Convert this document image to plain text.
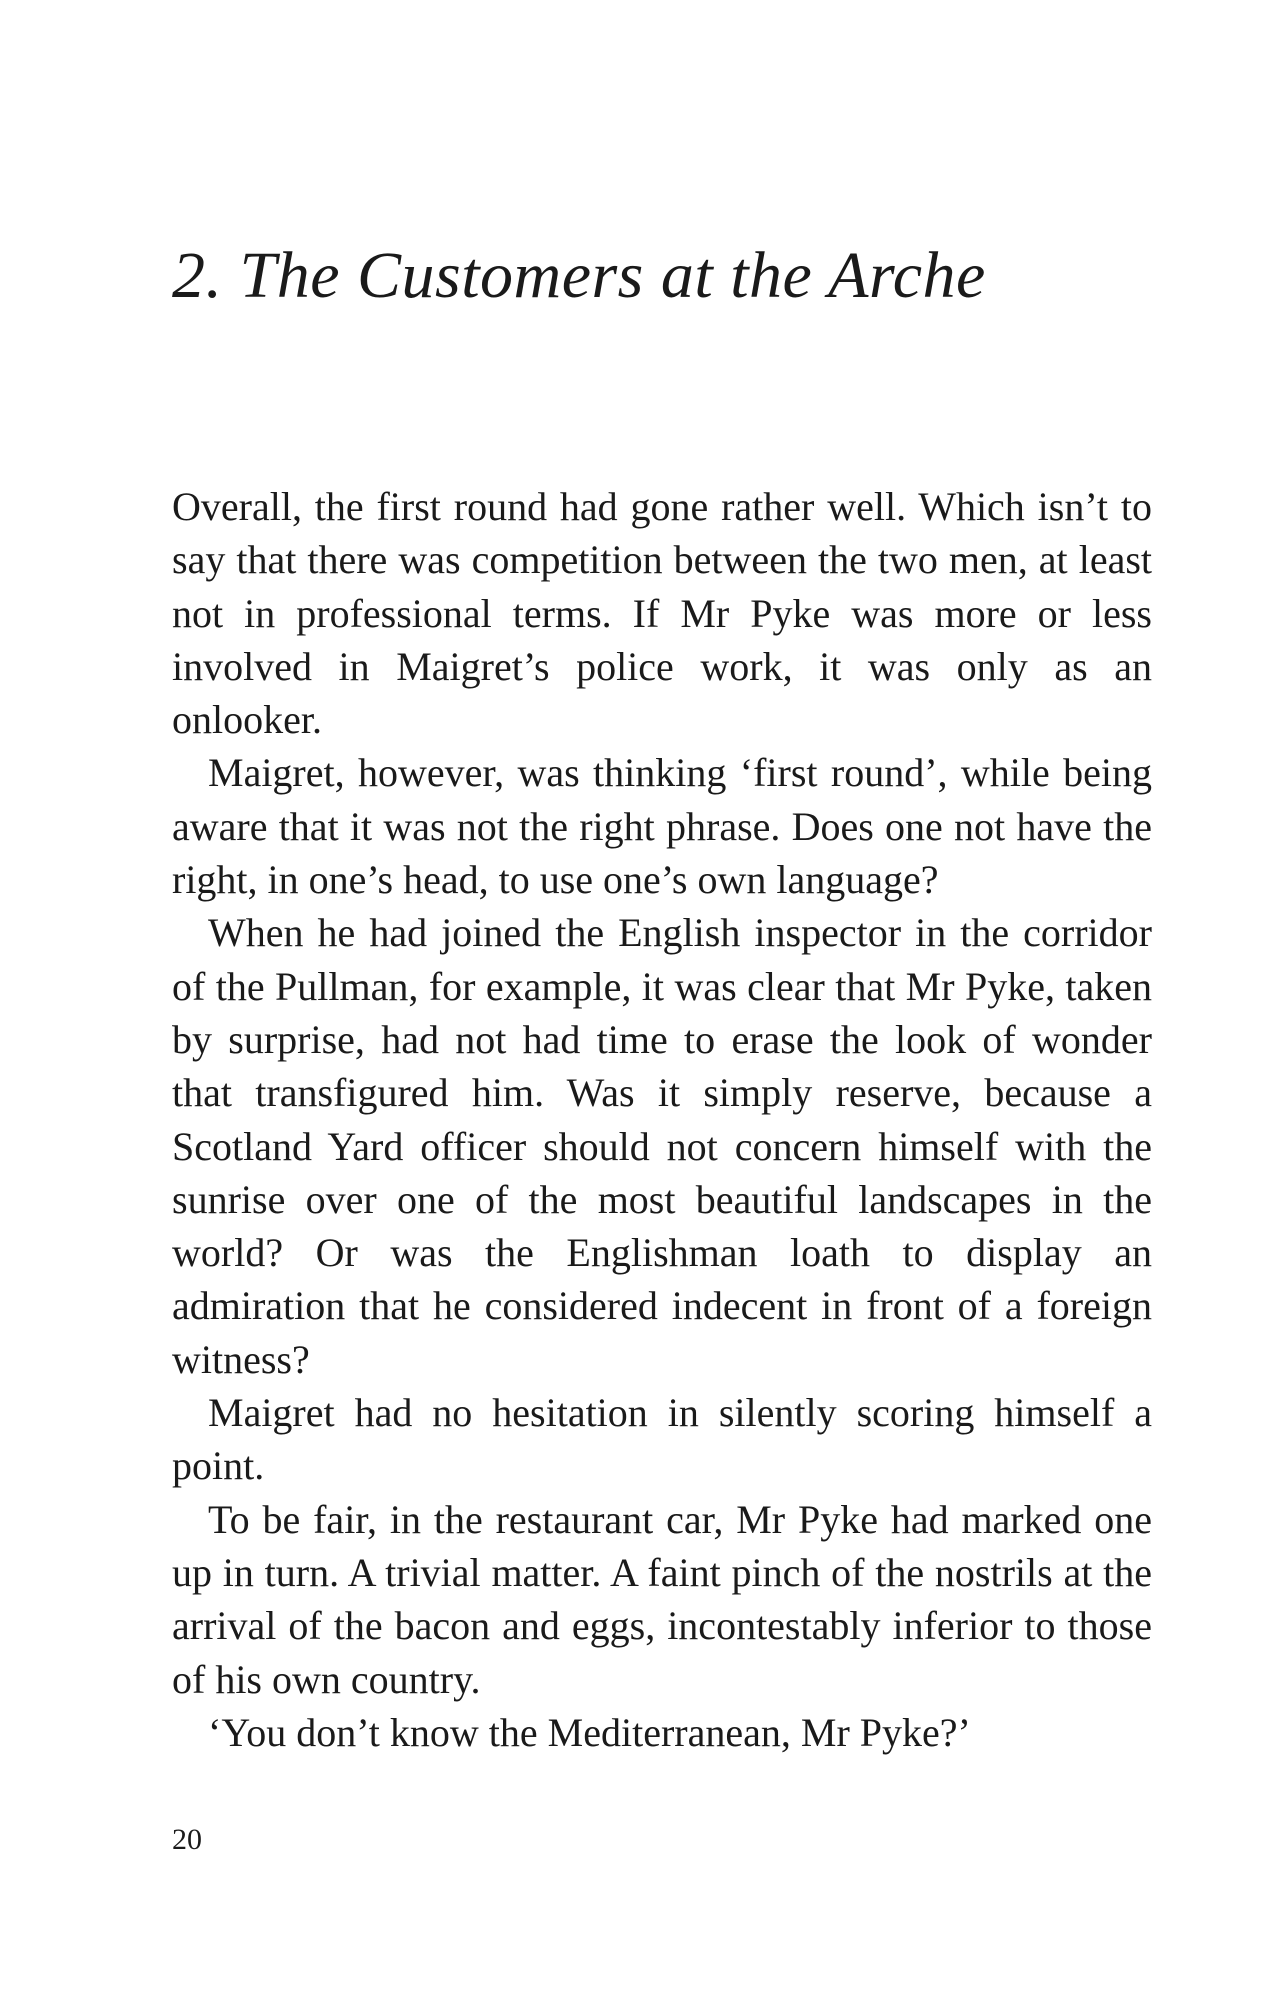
2. The Customers at the Arche

Overall, the first round had gone rather well. Which isn’t to say that there was competition between the two men, at least not in professional terms. If Mr Pyke was more or less involved in Maigret’s police work, it was only as an onlooker.

Maigret, however, was thinking ‘first round’, while being aware that it was not the right phrase. Does one not have the right, in one’s head, to use one’s own language?

When he had joined the English inspector in the corridor of the Pullman, for example, it was clear that Mr Pyke, taken by surprise, had not had time to erase the look of wonder that transfigured him. Was it simply reserve, because a Scotland Yard officer should not concern himself with the sunrise over one of the most beautiful landscapes in the world? Or was the Englishman loath to display an admiration that he considered indecent in front of a foreign witness?

Maigret had no hesitation in silently scoring himself a point.

To be fair, in the restaurant car, Mr Pyke had marked one up in turn. A trivial matter. A faint pinch of the nostrils at the arrival of the bacon and eggs, incontestably inferior to those of his own country.

‘You don’t know the Mediterranean, Mr Pyke?’

20
